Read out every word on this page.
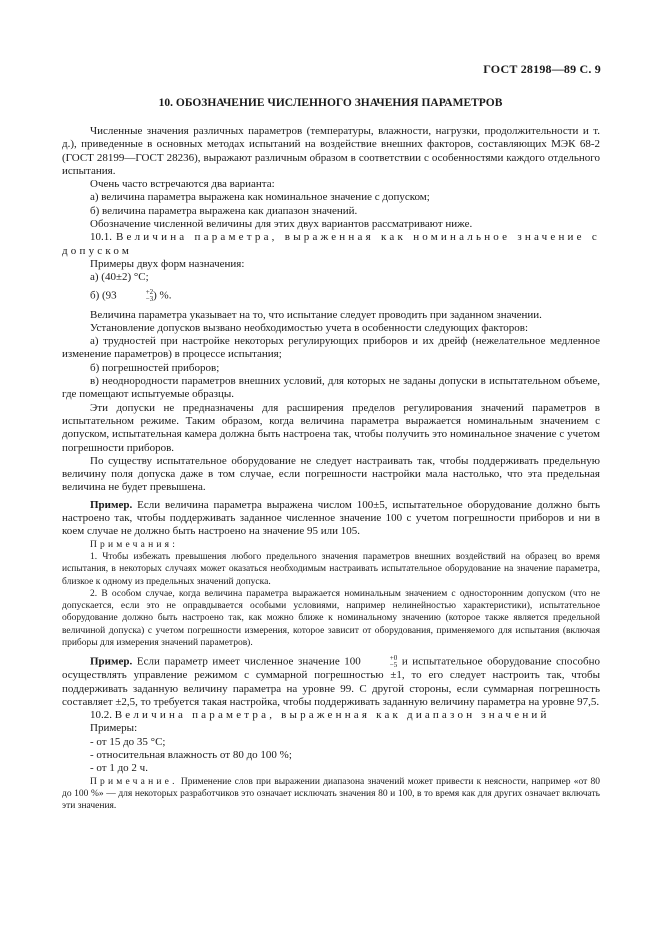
ГОСТ 28198—89 С. 9
10. ОБОЗНАЧЕНИЕ ЧИСЛЕННОГО ЗНАЧЕНИЯ ПАРАМЕТРОВ

Численные значения различных параметров (температуры, влажности, нагрузки, продолжительности и т. д.), приведенные в основных методах испытаний на воздействие внешних факторов, составляющих МЭК 68-2 (ГОСТ 28199—ГОСТ 28236), выражают различным образом в соответствии с особенностями каждого отдельного испытания.

Очень часто встречаются два варианта:

а) величина параметра выражена как номинальное значение с допуском;

б) величина параметра выражена как диапазон значений.

Обозначение численной величины для этих двух вариантов рассматривают ниже.

10.1. Величина параметра, выраженная как номинальное значение с допуском

Примеры двух форм назначения:

а) (40±2) °С;

б) (93	+2
−3 ) %.

Величина параметра указывает на то, что испытание следует проводить при заданном значении.

Установление допусков вызвано необходимостью учета в особенности следующих факторов:

а) трудностей при настройке некоторых регулирующих приборов и их дрейф (нежелательное медленное изменение параметров) в процессе испытания;

б) погрешностей приборов;

в) неоднородности параметров внешних условий, для которых не заданы допуски в испытательном объеме, где помещают испытуемые образцы.

Эти допуски не предназначены для расширения пределов регулирования значений параметров в испытательном режиме. Таким образом, когда величина параметра выражается номинальным значением с допуском, испытательная камера должна быть настроена так, чтобы получить это номинальное значение с учетом погрешности приборов.

По существу испытательное оборудование не следует настраивать так, чтобы поддерживать предельную величину поля допуска даже в том случае, если погрешности настройки мала настолько, что эта предельная величина не будет превышена.

Пример. Если величина параметра выражена числом 100±5, испытательное оборудование должно быть настроено так, чтобы поддерживать заданное численное значение 100 с учетом погрешности приборов и ни в коем случае не должно быть настроено на значение 95 или 105.

Примечания:

1. Чтобы избежать превышения любого предельного значения параметров внешних воздействий на образец во время испытания, в некоторых случаях может оказаться необходимым настраивать испытательное оборудование на значение параметра, близкое к одному из предельных значений допуска.

2. В особом случае, когда величина параметра выражается номинальным значением с односторонним допуском (что не допускается, если это не оправдывается особыми условиями, например нелинейностью характеристики), испытательное оборудование должно быть настроено так, как можно ближе к номинальному значению (которое также является предельной величиной допуска) с учетом погрешности измерения, которое зависит от оборудования, применяемого для испытания (включая приборы для измерения значений параметров).

Пример. Если параметр имеет численное значение 100	+0
−5 и испытательное оборудование способно осуществлять управление режимом с суммарной погрешностью ±1, то его следует настроить так, чтобы поддерживать заданную величину параметра на уровне 99. С другой стороны, если суммарная погрешность составляет ±2,5, то требуется такая настройка, чтобы поддерживать заданную величину параметра на уровне 97,5.

10.2. Величина параметра, выраженная как диапазон значений

Примеры:

- от 15 до 35 °С;

- относительная влажность от 80 до 100 %;

- от 1 до 2 ч.

Примечание. Применение слов при выражении диапазона значений может привести к неясности, например «от 80 до 100 %» — для некоторых разработчиков это означает исключать значения 80 и 100, в то время как для других означает включать эти значения.
